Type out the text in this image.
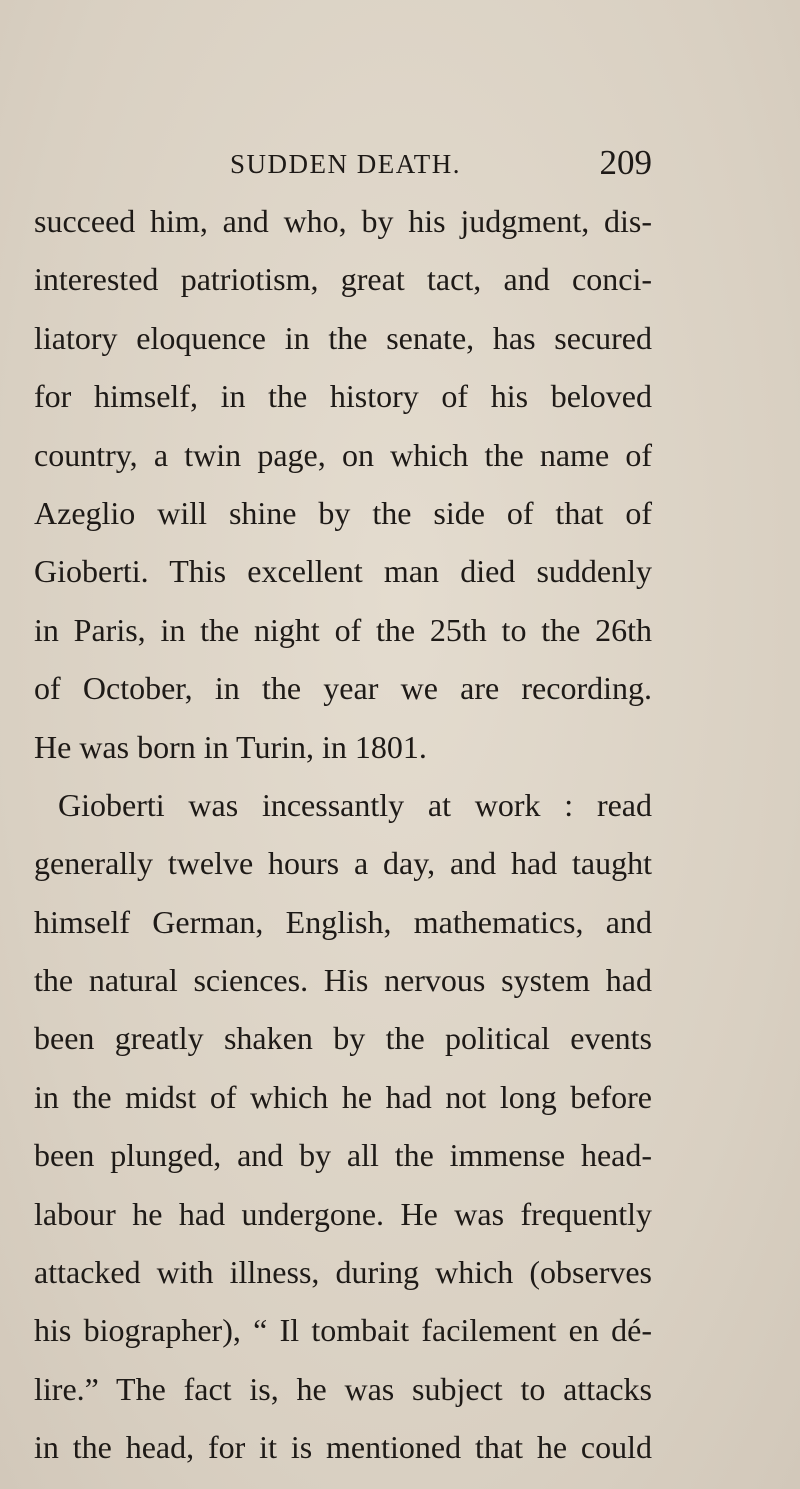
SUDDEN DEATH.	209
succeed him, and who, by his judgment, dis-
interested patriotism, great tact, and conci-
liatory eloquence in the senate, has secured
for himself, in the history of his beloved
country, a twin page, on which the name of
Azeglio will shine by the side of that of
Gioberti. This excellent man died suddenly
in Paris, in the night of the 25th to the 26th
of October, in the year we are recording.
He was born in Turin, in 1801.
Gioberti was incessantly at work : read
generally twelve hours a day, and had taught
himself German, English, mathematics, and
the natural sciences. His nervous system had
been greatly shaken by the political events
in the midst of which he had not long before
been plunged, and by all the immense head-
labour he had undergone. He was frequently
attacked with illness, during which (observes
his biographer), “ Il tombait facilement en dé-
lire.” The fact is, he was subject to attacks
in the head, for it is mentioned that he could
